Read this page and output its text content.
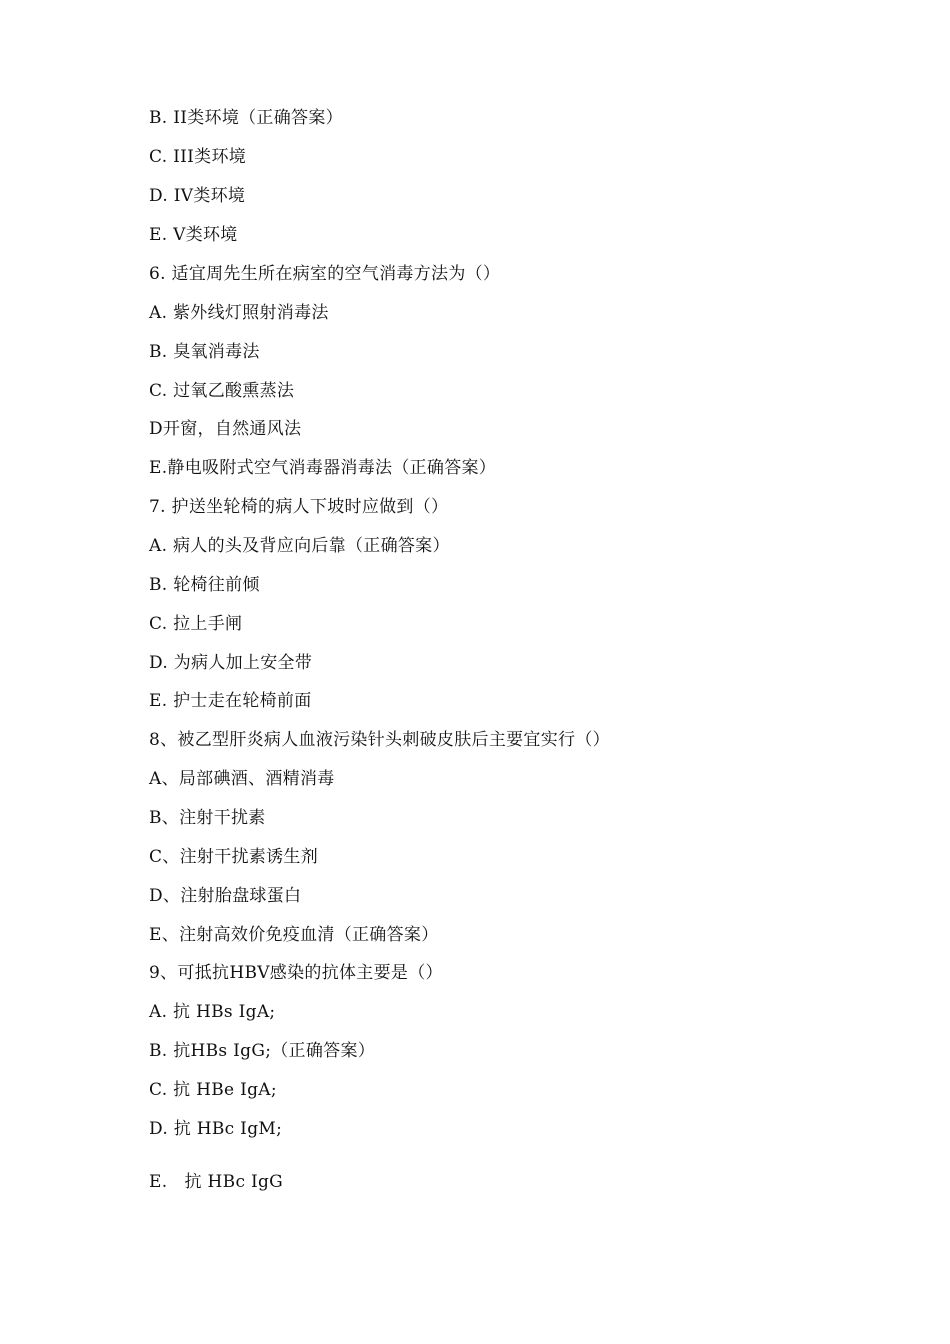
B. II类环境（正确答案）
C. III类环境
D. IV类环境
E. V类环境
6. 适宜周先生所在病室的空气消毒方法为（）
A. 紫外线灯照射消毒法
B. 臭氧消毒法
C. 过氧乙酸熏蒸法
D开窗，自然通风法
E.静电吸附式空气消毒器消毒法（正确答案）
7. 护送坐轮椅的病人下坡时应做到（）
A. 病人的头及背应向后靠（正确答案）
B. 轮椅往前倾
C. 拉上手闸
D. 为病人加上安全带
E. 护士走在轮椅前面
8、被乙型肝炎病人血液污染针头刺破皮肤后主要宜实行（）
A、局部碘酒、酒精消毒
B、注射干扰素
C、注射干扰素诱生剂
D、注射胎盘球蛋白
E、注射高效价免疫血清（正确答案）
9、可抵抗HBV感染的抗体主要是（）
A. 抗 HBs IgA;
B. 抗HBs IgG;（正确答案）
C. 抗 HBe IgA;
D. 抗 HBc IgM;
E.   抗 HBc IgG
